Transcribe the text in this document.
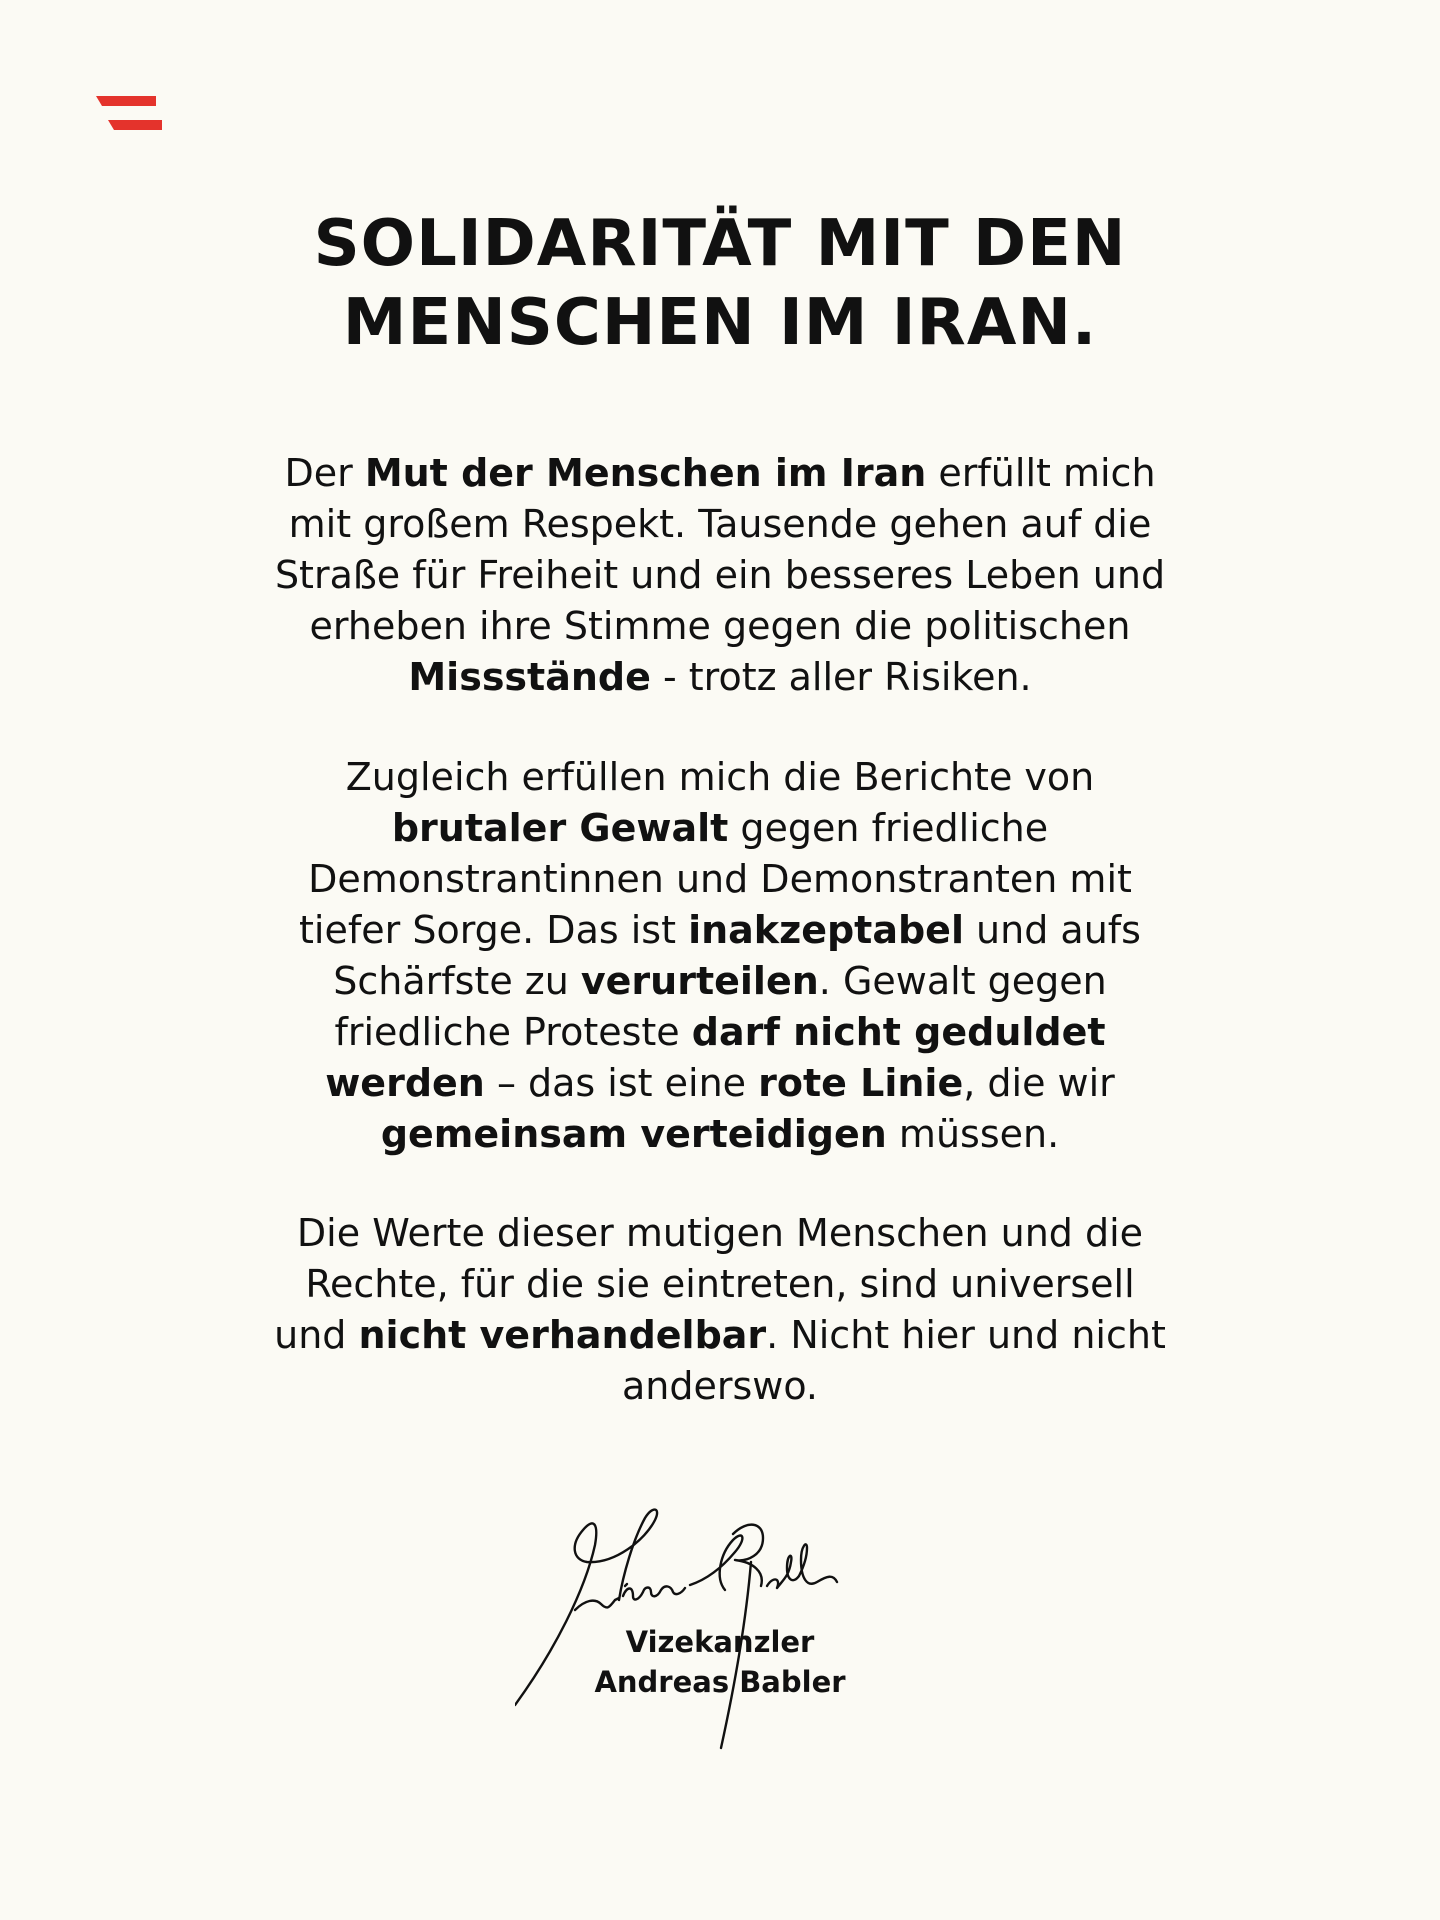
SOLIDARITÄT MIT DEN
MENSCHEN IM IRAN.
Der Mut der Menschen im Iran erfüllt mich
mit großem Respekt. Tausende gehen auf die
Straße für Freiheit und ein besseres Leben und
erheben ihre Stimme gegen die politischen
Missstände - trotz aller Risiken.
Zugleich erfüllen mich die Berichte von
brutaler Gewalt gegen friedliche
Demonstrantinnen und Demonstranten mit
tiefer Sorge. Das ist inakzeptabel und aufs
Schärfste zu verurteilen. Gewalt gegen
friedliche Proteste darf nicht geduldet
werden – das ist eine rote Linie, die wir
gemeinsam verteidigen müssen.
Die Werte dieser mutigen Menschen und die
Rechte, für die sie eintreten, sind universell
und nicht verhandelbar. Nicht hier und nicht
anderswo.
Vizekanzler
Andreas Babler
